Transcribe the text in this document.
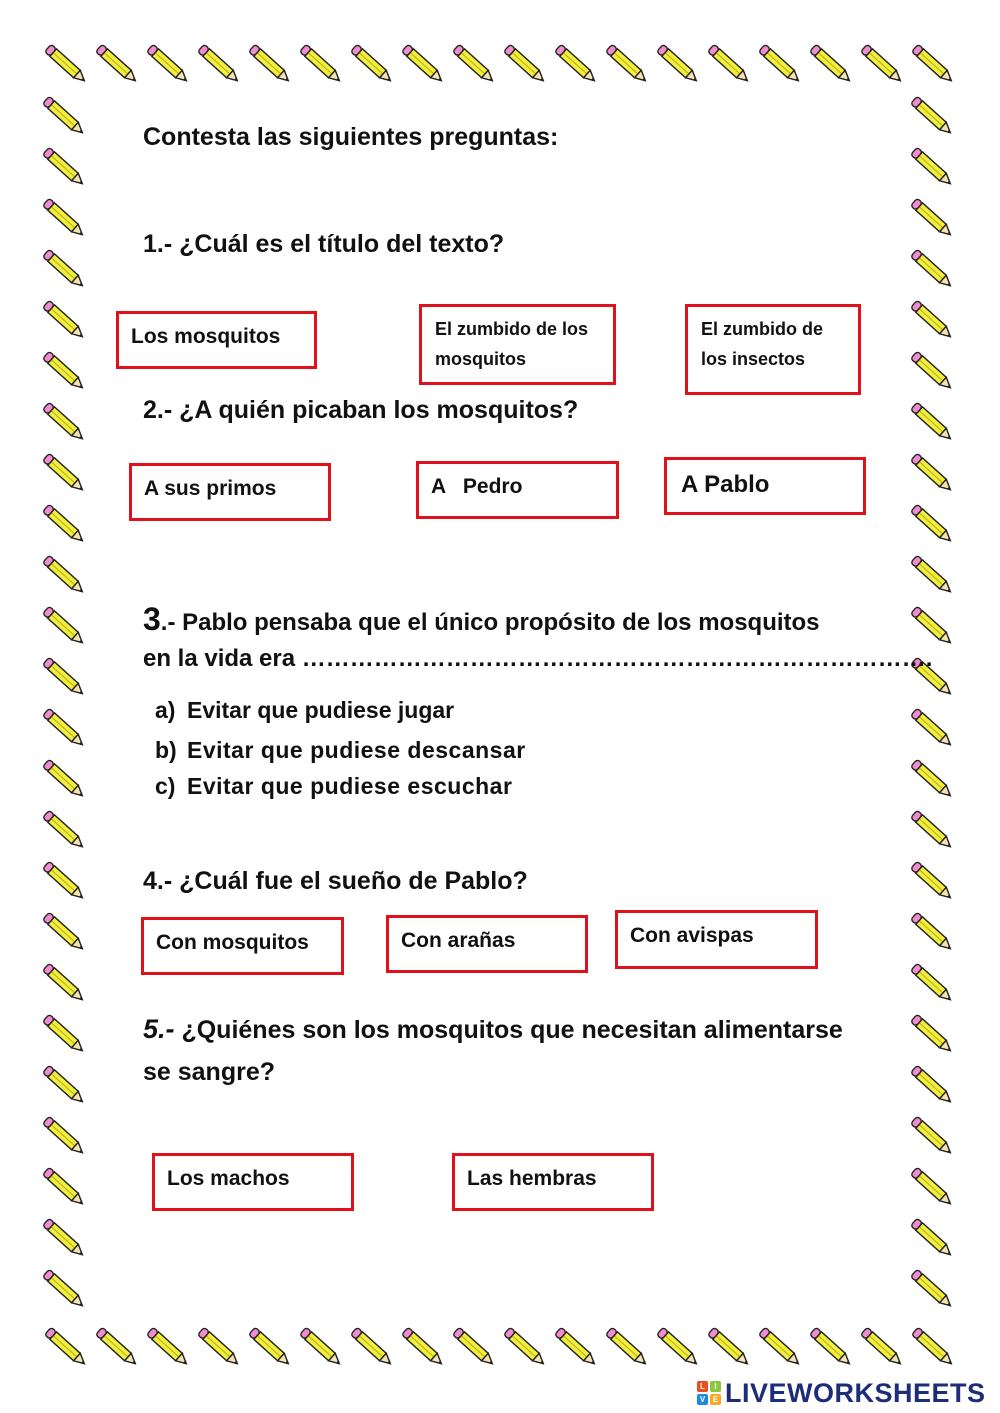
Contesta las siguientes preguntas:
1.- ¿Cuál es el título del texto?
Los mosquitos	El zumbido de los mosquitos
El zumbido de los insectos
2.- ¿A quién picaban los mosquitos?
A sus primos	A   Pedro	A Pablo
3.- Pablo pensaba que el único propósito de los mosquitos
en la vida era …………………………………………………………………….
a) Evitar que pudiese jugar
b) Evitar que pudiese descansar
c) Evitar que pudiese escuchar
4.- ¿Cuál fue el sueño de Pablo?
Con mosquitos	Con arañas	Con avispas
5.- ¿Quiénes son los mosquitos que necesitan alimentarse
se sangre?
Los machos	Las hembras
L	I
V E LIVEWORKSHEETS
